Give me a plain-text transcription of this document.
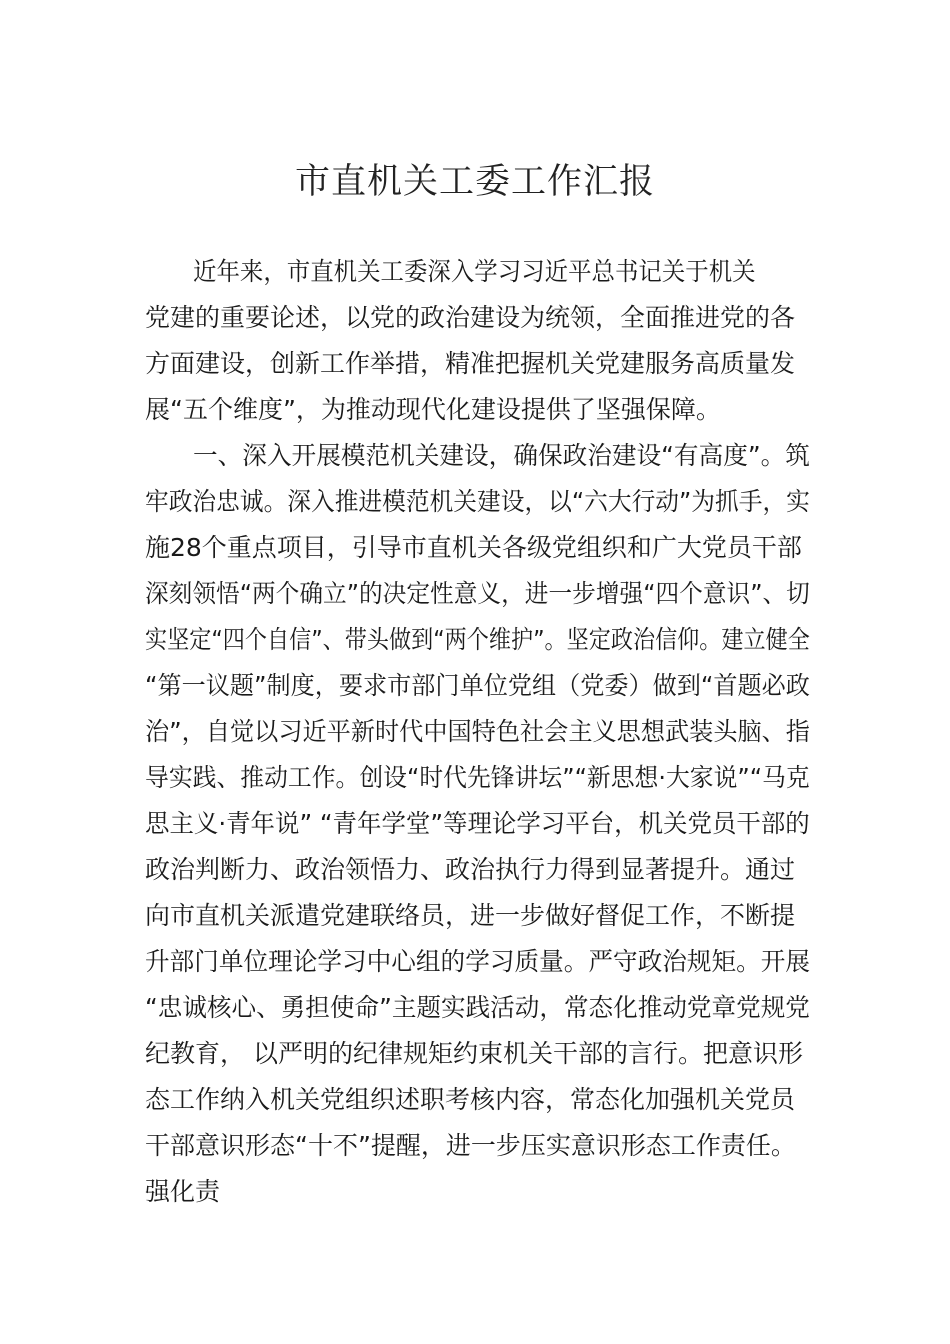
市直机关工委工作汇报
近年来，市直机关工委深入学习习近平总书记关于机关
党建的重要论述，以党的政治建设为统领，全面推进党的各
方面建设，创新工作举措，精准把握机关党建服务高质量发
展“五个维度”，为推动现代化建设提供了坚强保障。
一、深入开展模范机关建设，确保政治建设“有高度”。筑
牢政治忠诚。深入推进模范机关建设，以“六大行动”为抓手，实
施28个重点项目，引导市直机关各级党组织和广大党员干部
深刻领悟“两个确立”的决定性意义，进一步增强“四个意识”、切
实坚定“四个自信”、带头做到“两个维护”。坚定政治信仰。建立健全
“第一议题”制度，要求市部门单位党组（党委）做到“首题必政
治”，自觉以习近平新时代中国特色社会主义思想武装头脑、指
导实践、推动工作。创设“时代先锋讲坛”“新思想·大家说”“马克
思主义·青年说” “青年学堂”等理论学习平台，机关党员干部的
政治判断力、政治领悟力、政治执行力得到显著提升。通过
向市直机关派遣党建联络员，进一步做好督促工作，不断提
升部门单位理论学习中心组的学习质量。严守政治规矩。开展
“忠诚核心、勇担使命”主题实践活动，常态化推动党章党规党
纪教育， 以严明的纪律规矩约束机关干部的言行。把意识形
态工作纳入机关党组织述职考核内容，常态化加强机关党员
干部意识形态“十不”提醒，进一步压实意识形态工作责任。
强化责
